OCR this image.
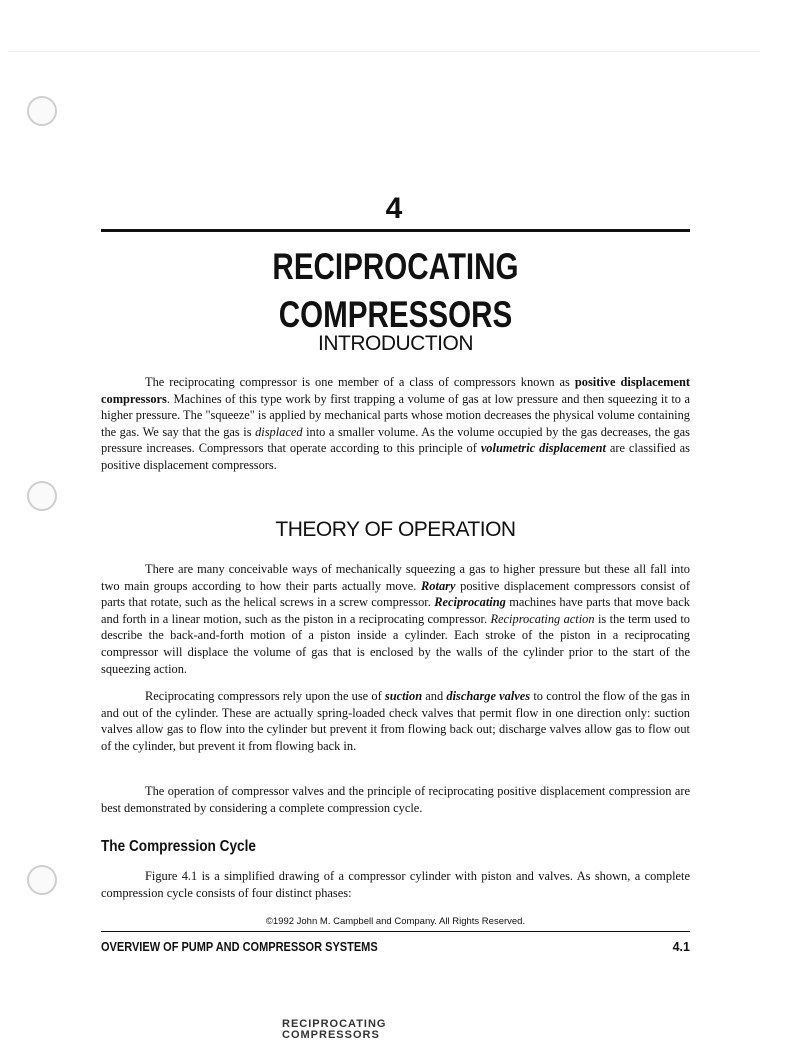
4
RECIPROCATING COMPRESSORS
INTRODUCTION

The reciprocating compressor is one member of a class of compressors known as positive displacement compressors. Machines of this type work by first trapping a volume of gas at low pressure and then squeezing it to a higher pressure. The "squeeze" is applied by mechanical parts whose motion decreases the physical volume containing the gas. We say that the gas is displaced into a smaller volume. As the volume occupied by the gas decreases, the gas pressure increases. Compressors that operate according to this principle of volumetric displacement are classified as positive displacement compressors.

THEORY OF OPERATION

There are many conceivable ways of mechanically squeezing a gas to higher pressure but these all fall into two main groups according to how their parts actually move. Rotary positive displacement compressors consist of parts that rotate, such as the helical screws in a screw compressor. Reciprocating machines have parts that move back and forth in a linear motion, such as the piston in a reciprocating compressor. Reciprocating action is the term used to describe the back-and-forth motion of a piston inside a cylinder. Each stroke of the piston in a reciprocating compressor will displace the volume of gas that is enclosed by the walls of the cylinder prior to the start of the squeezing action.

Reciprocating compressors rely upon the use of suction and discharge valves to control the flow of the gas in and out of the cylinder. These are actually spring-loaded check valves that permit flow in one direction only: suction valves allow gas to flow into the cylinder but prevent it from flowing back out; discharge valves allow gas to flow out of the cylinder, but prevent it from flowing back in.

The operation of compressor valves and the principle of reciprocating positive displacement compression are best demonstrated by considering a complete compression cycle.

The Compression Cycle

Figure 4.1 is a simplified drawing of a compressor cylinder with piston and valves. As shown, a complete compression cycle consists of four distinct phases:

©1992 John M. Campbell and Company. All Rights Reserved.
OVERVIEW OF PUMP AND COMPRESSOR SYSTEMS	4.1
RECIPROCATING COMPRESSORS
